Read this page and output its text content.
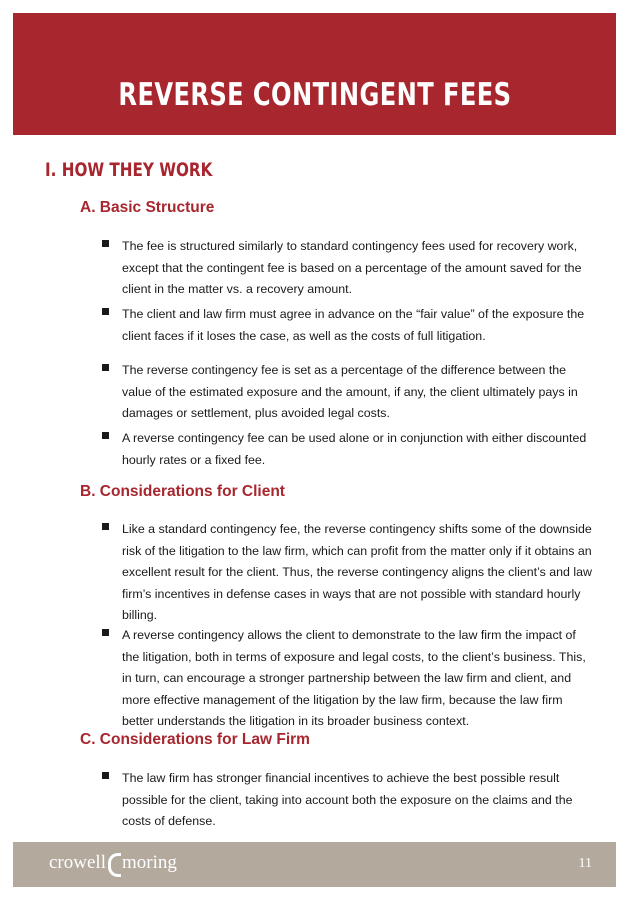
REVERSE CONTINGENT FEES
I. HOW THEY WORK
A. Basic Structure
The fee is structured similarly to standard contingency fees used for recovery work, except that the contingent fee is based on a percentage of the amount saved for the client in the matter vs. a recovery amount.
The client and law firm must agree in advance on the “fair value” of the exposure the client faces if it loses the case, as well as the costs of full litigation.
The reverse contingency fee is set as a percentage of the difference between the value of the estimated exposure and the amount, if any, the client ultimately pays in damages or settlement, plus avoided legal costs.
A reverse contingency fee can be used alone or in conjunction with either discounted hourly rates or a fixed fee.
B. Considerations for Client
Like a standard contingency fee, the reverse contingency shifts some of the downside risk of the litigation to the law firm, which can profit from the matter only if it obtains an excellent result for the client. Thus, the reverse contingency aligns the client’s and law firm’s incentives in defense cases in ways that are not possible with standard hourly billing.
A reverse contingency allows the client to demonstrate to the law firm the impact of the litigation, both in terms of exposure and legal costs, to the client’s business. This, in turn, can encourage a stronger partnership between the law firm and client, and more effective management of the litigation by the law firm, because the law firm better understands the litigation in its broader business context.
C. Considerations for Law Firm
The law firm has stronger financial incentives to achieve the best possible result possible for the client, taking into account both the exposure on the claims and the costs of defense.
crowell moring	11
